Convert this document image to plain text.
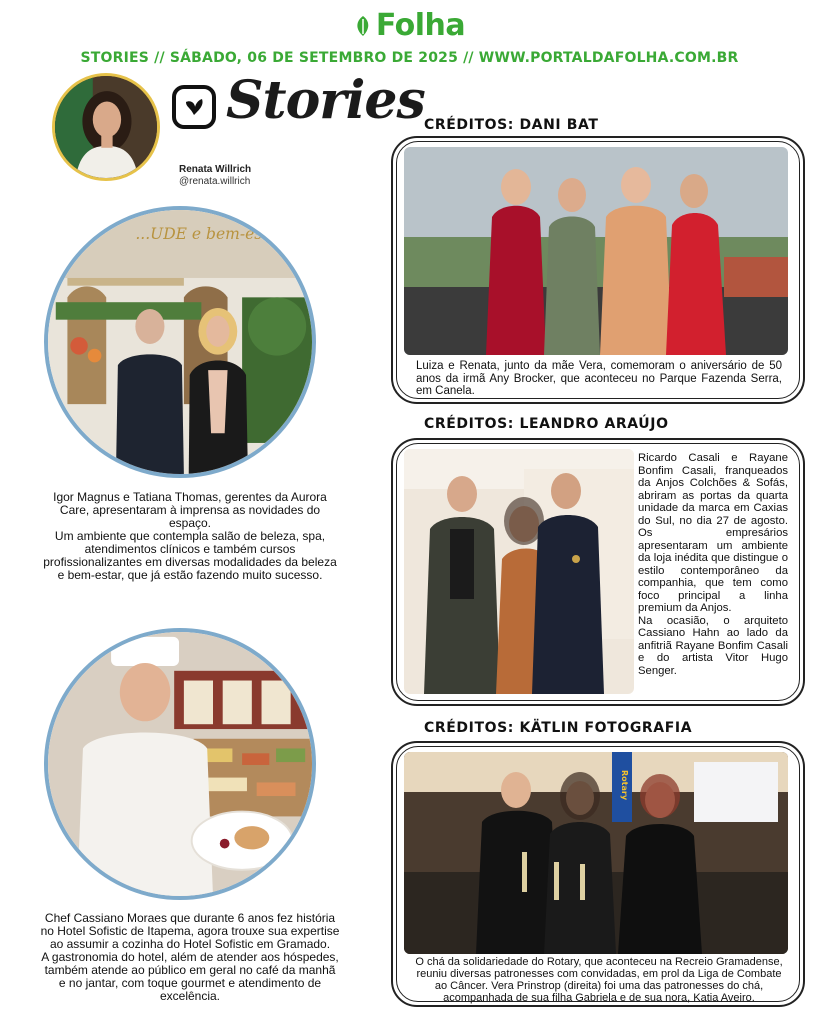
Folha
STORIES // SÁBADO, 06 DE SETEMBRO DE 2025 // WWW.PORTALDAFOLHA.COM.BR
Stories
Renata Willrich
@renata.willrich
...UDE e bem-estar
Igor Magnus e Tatiana Thomas, gerentes da Aurora Care, apresentaram à imprensa as novidades do espaço.
Um ambiente que contempla salão de beleza, spa, atendimentos clínicos e também cursos profissionalizantes em diversas modalidades da beleza e bem-estar, que já estão fazendo muito sucesso.
Chef Cassiano Moraes que durante 6 anos fez história no Hotel Sofistic de Itapema, agora trouxe sua expertise ao assumir a cozinha do Hotel Sofistic em Gramado.
A gastronomia do hotel, além de atender aos hóspedes, também atende ao público em geral no café da manhã e no jantar, com toque gourmet e atendimento de excelência.
CRÉDITOS: DANI BAT
Luiza e Renata, junto da mãe Vera, comemoram o aniversário de 50 anos da irmã Any Brocker, que aconteceu no Parque Fazenda Serra, em Canela.
CRÉDITOS: LEANDRO ARAÚJO
Ricardo Casali e Rayane Bonfim Casali, franqueados da Anjos Colchões & Sofás, abriram as portas da quarta unidade da marca em Caxias do Sul, no dia 27 de agosto. Os empresários apresentaram um ambiente da loja inédita que distingue o estilo contemporâneo da companhia, que tem como foco principal a linha premium da Anjos.
Na ocasião, o arquiteto Cassiano Hahn ao lado da anfitriã Rayane Bonfim Casali e do artista Vitor Hugo Senger.
CRÉDITOS: KÄTLIN FOTOGRAFIA
Rotary
O chá da solidariedade do Rotary, que aconteceu na Recreio Gramadense, reuniu diversas patronesses com convidadas, em prol da Liga de Combate ao Câncer. Vera Prinstrop (direita) foi uma das patronesses do chá, acompanhada de sua filha Gabriela e de sua nora, Katia Aveiro.
